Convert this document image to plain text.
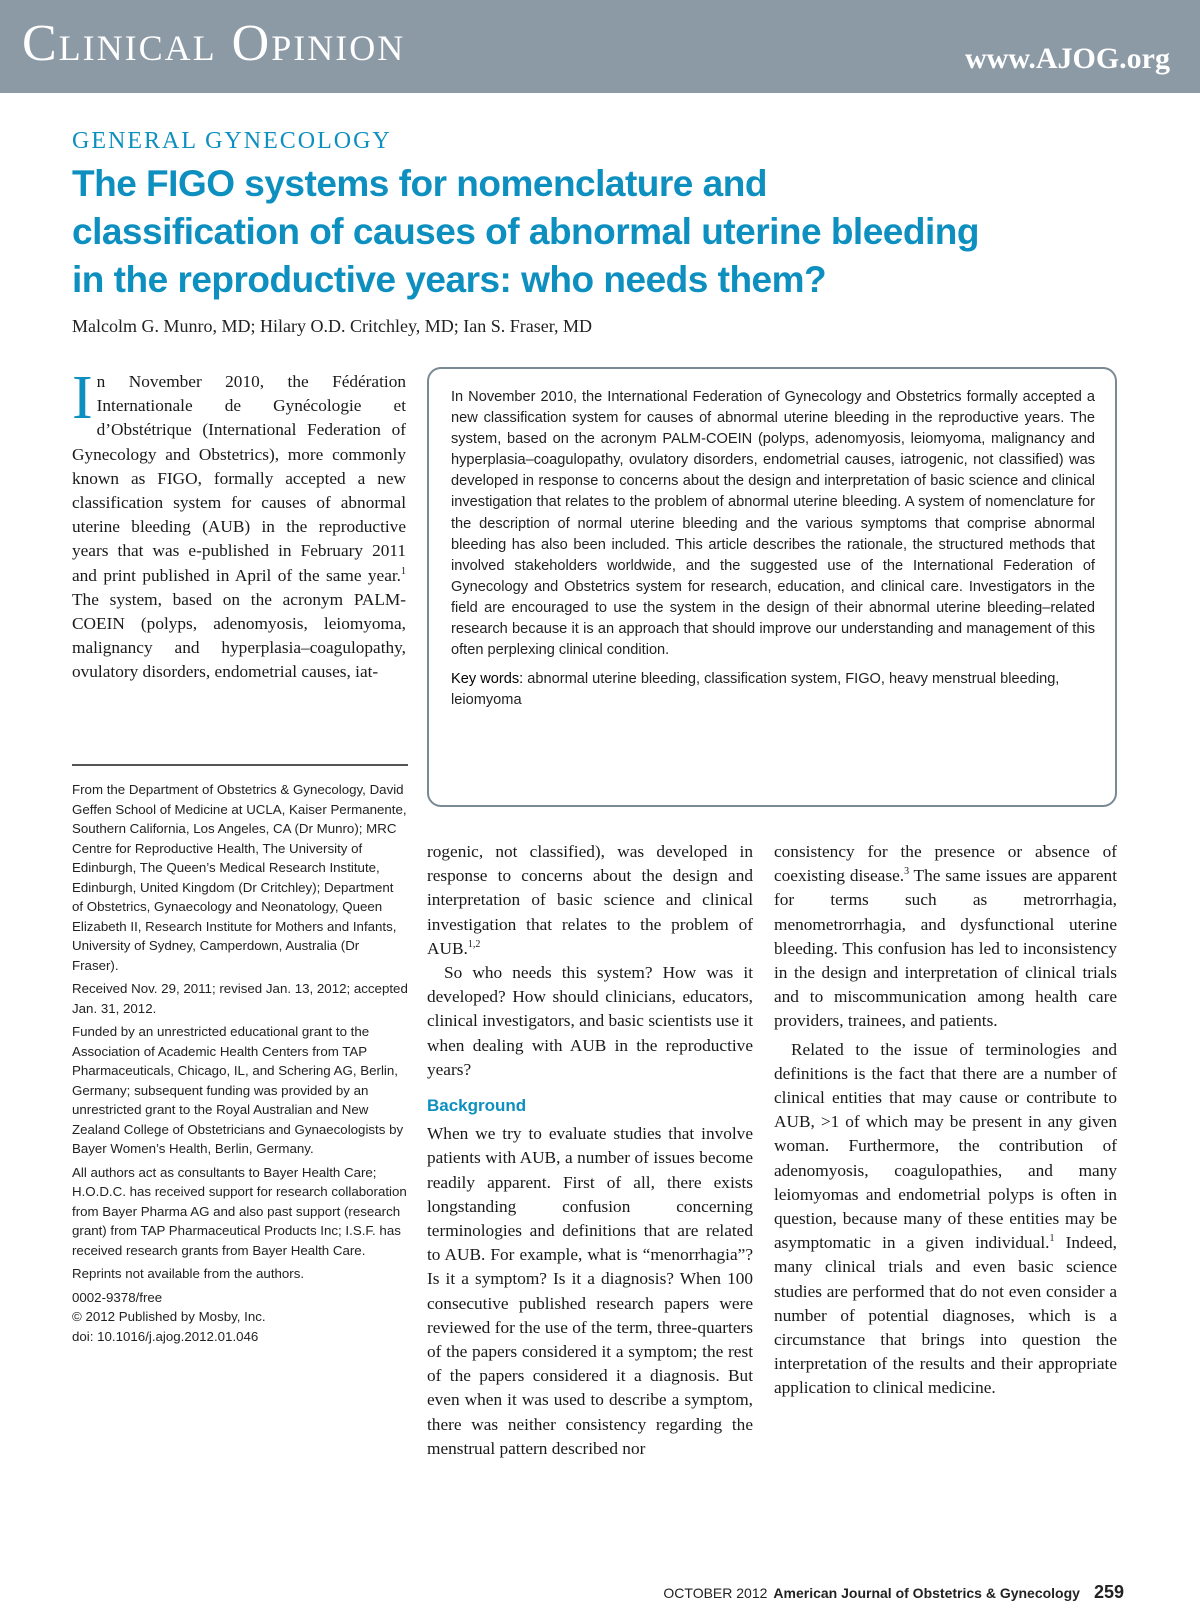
Clinical Opinion	www.AJOG.org
GENERAL GYNECOLOGY
The FIGO systems for nomenclature and classification of causes of abnormal uterine bleeding in the reproductive years: who needs them?
Malcolm G. Munro, MD; Hilary O.D. Critchley, MD; Ian S. Fraser, MD
In November 2010, the Fédération Internationale de Gynécologie et d’Obstétrique (International Federation of Gynecology and Obstetrics), more commonly known as FIGO, formally accepted a new classification system for causes of abnormal uterine bleeding (AUB) in the reproductive years that was e-published in February 2011 and print published in April of the same year.$^1$ The system, based on the acronym PALM-COEIN (polyps, adenomyosis, leiomyoma, malignancy and hyperplasia–coagulopathy, ovulatory disorders, endometrial causes, iat-

In November 2010, the International Federation of Gynecology and Obstetrics formally accepted a new classification system for causes of abnormal uterine bleeding in the reproductive years. The system, based on the acronym PALM-COEIN (polyps, adenomyosis, leiomyoma, malignancy and hyperplasia–coagulopathy, ovulatory disorders, endometrial causes, iatrogenic, not classified) was developed in response to concerns about the design and interpretation of basic science and clinical investigation that relates to the problem of abnormal uterine bleeding. A system of nomenclature for the description of normal uterine bleeding and the various symptoms that comprise abnormal bleeding has also been included. This article describes the rationale, the structured methods that involved stakeholders worldwide, and the suggested use of the International Federation of Gynecology and Obstetrics system for research, education, and clinical care. Investigators in the field are encouraged to use the system in the design of their abnormal uterine bleeding–related research because it is an approach that should improve our understanding and management of this often perplexing clinical condition.

Key words: abnormal uterine bleeding, classification system, FIGO, heavy menstrual bleeding, leiomyoma

From the Department of Obstetrics & Gynecology, David Geffen School of Medicine at UCLA, Kaiser Permanente, Southern California, Los Angeles, CA (Dr Munro); MRC Centre for Reproductive Health, The University of Edinburgh, The Queen’s Medical Research Institute, Edinburgh, United Kingdom (Dr Critchley); Department of Obstetrics, Gynaecology and Neonatology, Queen Elizabeth II, Research Institute for Mothers and Infants, University of Sydney, Camperdown, Australia (Dr Fraser).

Received Nov. 29, 2011; revised Jan. 13, 2012; accepted Jan. 31, 2012.

Funded by an unrestricted educational grant to the Association of Academic Health Centers from TAP Pharmaceuticals, Chicago, IL, and Schering AG, Berlin, Germany; subsequent funding was provided by an unrestricted grant to the Royal Australian and New Zealand College of Obstetricians and Gynaecologists by Bayer Women’s Health, Berlin, Germany.

All authors act as consultants to Bayer Health Care; H.O.D.C. has received support for research collaboration from Bayer Pharma AG and also past support (research grant) from TAP Pharmaceutical Products Inc; I.S.F. has received research grants from Bayer Health Care.

Reprints not available from the authors.

0002-9378/free

© 2012 Published by Mosby, Inc.

doi: 10.1016/j.ajog.2012.01.046

rogenic, not classified), was developed in response to concerns about the design and interpretation of basic science and clinical investigation that relates to the problem of AUB.$^{1,2}$

So who needs this system? How was it developed? How should clinicians, educators, clinical investigators, and basic scientists use it when dealing with AUB in the reproductive years?

Background

When we try to evaluate studies that involve patients with AUB, a number of issues become readily apparent. First of all, there exists longstanding confusion concerning terminologies and definitions that are related to AUB. For example, what is “menorrhagia”? Is it a symptom? Is it a diagnosis? When 100 consecutive published research papers were reviewed for the use of the term, three-quarters of the papers considered it a symptom; the rest of the papers considered it a diagnosis. But even when it was used to describe a symptom, there was neither consistency regarding the menstrual pattern described nor

consistency for the presence or absence of coexisting disease.$^3$ The same issues are apparent for terms such as metrorrhagia, menometrorrhagia, and dysfunctional uterine bleeding. This confusion has led to inconsistency in the design and interpretation of clinical trials and to miscommunication among health care providers, trainees, and patients.

Related to the issue of terminologies and definitions is the fact that there are a number of clinical entities that may cause or contribute to AUB, >1 of which may be present in any given woman. Furthermore, the contribution of adenomyosis, coagulopathies, and many leiomyomas and endometrial polyps is often in question, because many of these entities may be asymptomatic in a given individual.$^1$ Indeed, many clinical trials and even basic science studies are performed that do not even consider a number of potential diagnoses, which is a circumstance that brings into question the interpretation of the results and their appropriate application to clinical medicine.

OCTOBER 2012 American Journal of Obstetrics & Gynecology 259
